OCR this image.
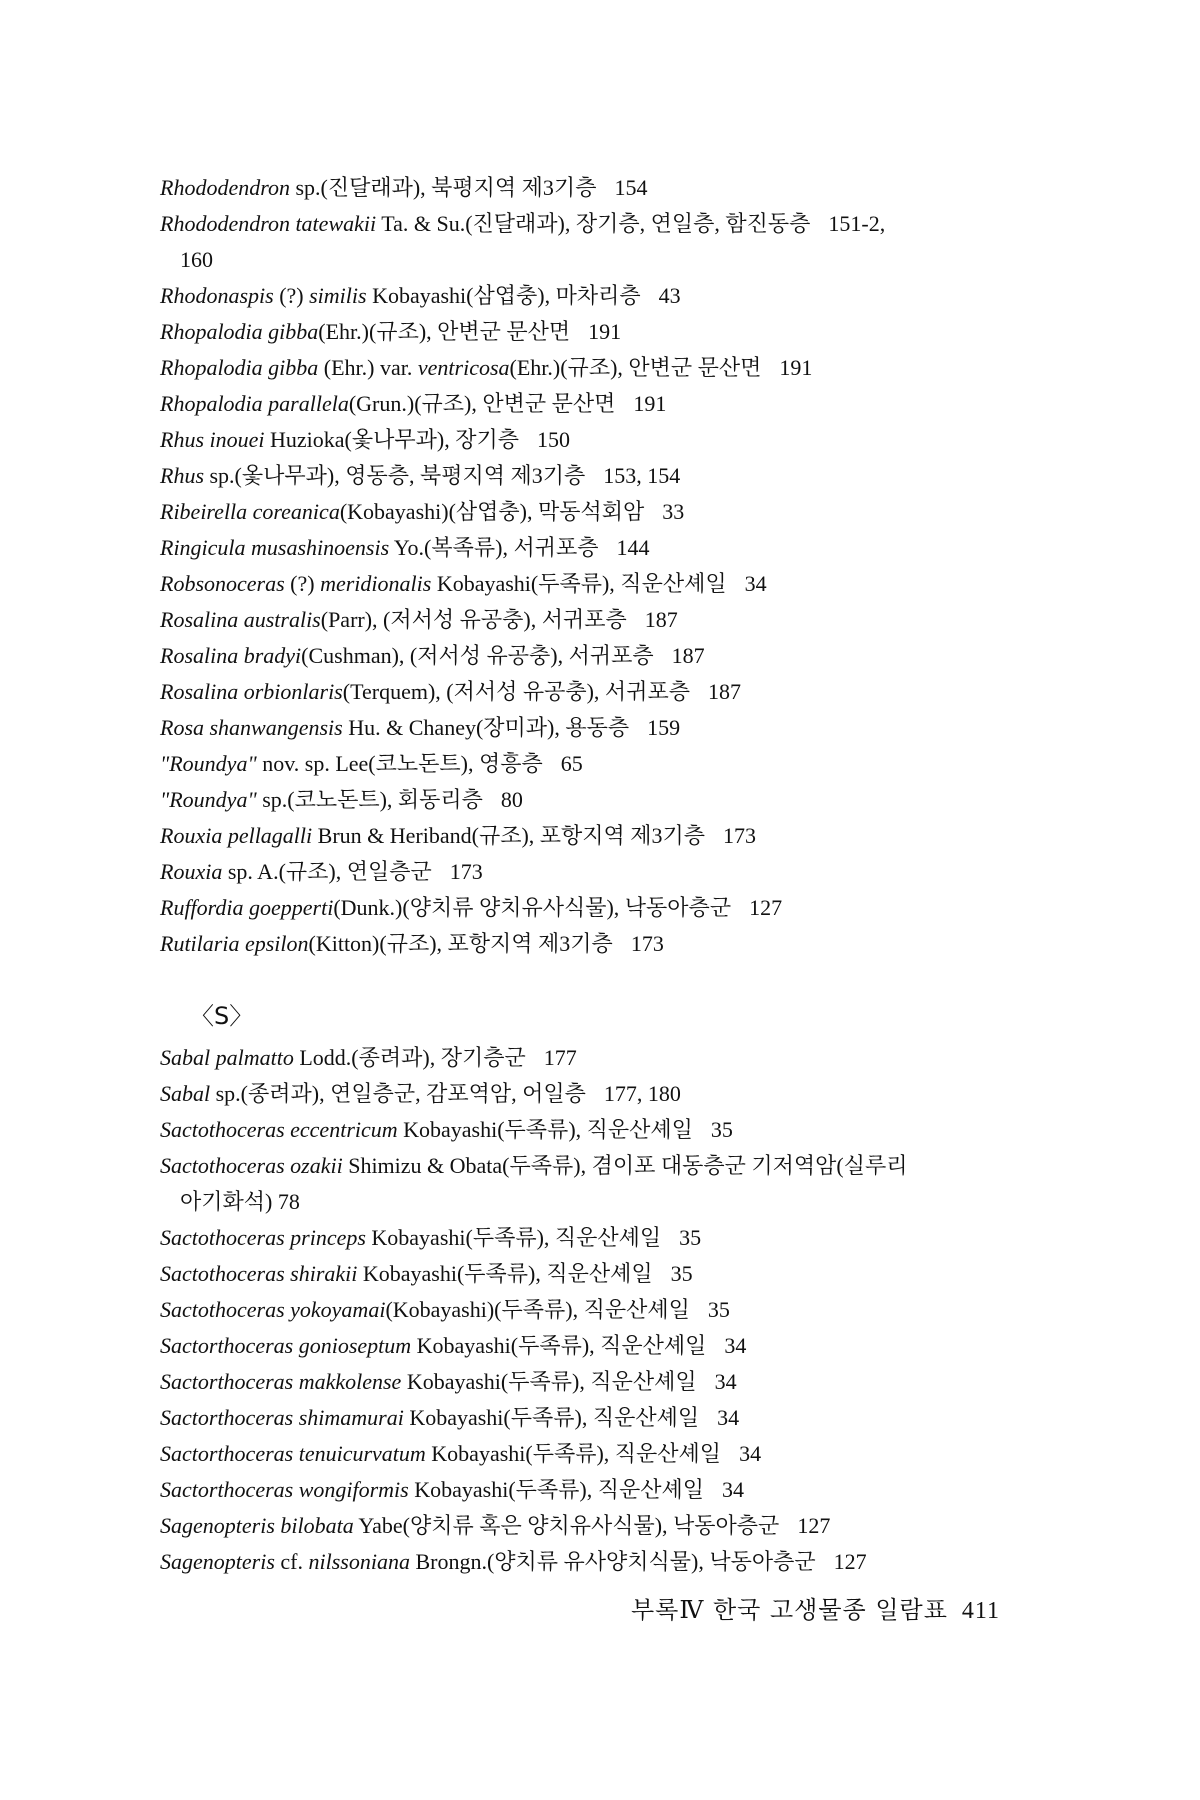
Rhododendron sp.(진달래과), 북평지역 제3기층 154
Rhododendron tatewakii Ta. & Su.(진달래과), 장기층, 연일층, 함진동층 151-2,
160
Rhodonaspis (?) similis Kobayashi(삼엽충), 마차리층 43
Rhopalodia gibba(Ehr.)(규조), 안변군 문산면 191
Rhopalodia gibba (Ehr.) var. ventricosa(Ehr.)(규조), 안변군 문산면 191
Rhopalodia parallela(Grun.)(규조), 안변군 문산면 191
Rhus inouei Huzioka(옻나무과), 장기층 150
Rhus sp.(옻나무과), 영동층, 북평지역 제3기층 153, 154
Ribeirella coreanica(Kobayashi)(삼엽충), 막동석회암 33
Ringicula musashinoensis Yo.(복족류), 서귀포층 144
Robsonoceras (?) meridionalis Kobayashi(두족류), 직운산셰일 34
Rosalina australis(Parr), (저서성 유공충), 서귀포층 187
Rosalina bradyi(Cushman), (저서성 유공충), 서귀포층 187
Rosalina orbionlaris(Terquem), (저서성 유공충), 서귀포층 187
Rosa shanwangensis Hu. & Chaney(장미과), 용동층 159
"Roundya" nov. sp. Lee(코노돈트), 영흥층 65
"Roundya" sp.(코노돈트), 회동리층 80
Rouxia pellagalli Brun & Heriband(규조), 포항지역 제3기층 173
Rouxia sp. A.(규조), 연일층군 173
Ruffordia goepperti(Dunk.)(양치류 양치유사식물), 낙동아층군 127
Rutilaria epsilon(Kitton)(규조), 포항지역 제3기층 173
〈S〉
Sabal palmatto Lodd.(종려과), 장기층군 177
Sabal sp.(종려과), 연일층군, 감포역암, 어일층 177, 180
Sactothoceras eccentricum Kobayashi(두족류), 직운산셰일 35
Sactothoceras ozakii Shimizu & Obata(두족류), 겸이포 대동층군 기저역암(실루리
아기화석) 78
Sactothoceras princeps Kobayashi(두족류), 직운산셰일 35
Sactothoceras shirakii Kobayashi(두족류), 직운산셰일 35
Sactothoceras yokoyamai(Kobayashi)(두족류), 직운산셰일 35
Sactorthoceras gonioseptum Kobayashi(두족류), 직운산셰일 34
Sactorthoceras makkolense Kobayashi(두족류), 직운산셰일 34
Sactorthoceras shimamurai Kobayashi(두족류), 직운산셰일 34
Sactorthoceras tenuicurvatum Kobayashi(두족류), 직운산셰일 34
Sactorthoceras wongiformis Kobayashi(두족류), 직운산셰일 34
Sagenopteris bilobata Yabe(양치류 혹은 양치유사식물), 낙동아층군 127
Sagenopteris cf. nilssoniana Brongn.(양치류 유사양치식물), 낙동아층군 127
부록Ⅳ 한국 고생물종 일람표 411
